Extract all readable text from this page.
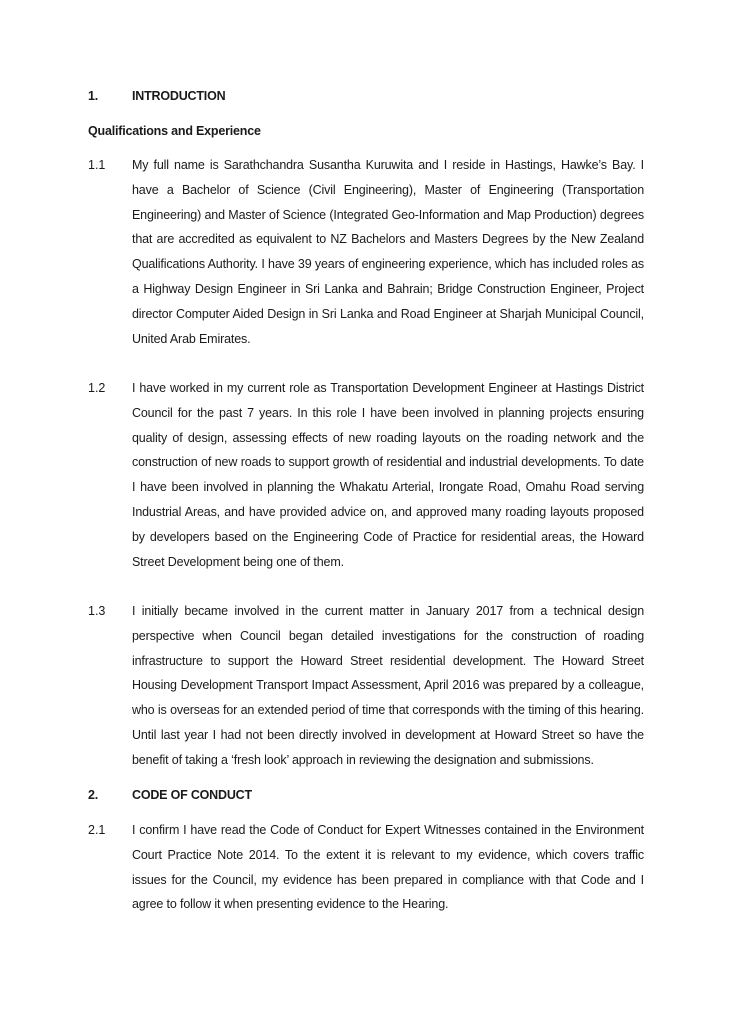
1.	INTRODUCTION
Qualifications and Experience
1.1 My full name is Sarathchandra Susantha Kuruwita and I reside in Hastings, Hawke’s Bay. I have a Bachelor of Science (Civil Engineering), Master of Engineering (Transportation Engineering) and Master of Science (Integrated Geo-Information and Map Production) degrees that are accredited as equivalent to NZ Bachelors and Masters Degrees by the New Zealand Qualifications Authority. I have 39 years of engineering experience, which has included roles as a Highway Design Engineer in Sri Lanka and Bahrain; Bridge Construction Engineer, Project director Computer Aided Design in Sri Lanka and Road Engineer at Sharjah Municipal Council, United Arab Emirates.
1.2 I have worked in my current role as Transportation Development Engineer at Hastings District Council for the past 7 years. In this role I have been involved in planning projects ensuring quality of design, assessing effects of new roading layouts on the roading network and the construction of new roads to support growth of residential and industrial developments. To date I have been involved in planning the Whakatu Arterial, Irongate Road, Omahu Road serving Industrial Areas, and have provided advice on, and approved many roading layouts proposed by developers based on the Engineering Code of Practice for residential areas, the Howard Street Development being one of them.
1.3 I initially became involved in the current matter in January 2017 from a technical design perspective when Council began detailed investigations for the construction of roading infrastructure to support the Howard Street residential development. The Howard Street Housing Development Transport Impact Assessment, April 2016 was prepared by a colleague, who is overseas for an extended period of time that corresponds with the timing of this hearing. Until last year I had not been directly involved in development at Howard Street so have the benefit of taking a ‘fresh look’ approach in reviewing the designation and submissions.
2.	CODE OF CONDUCT
2.1 I confirm I have read the Code of Conduct for Expert Witnesses contained in the Environment Court Practice Note 2014. To the extent it is relevant to my evidence, which covers traffic issues for the Council, my evidence has been prepared in compliance with that Code and I agree to follow it when presenting evidence to the Hearing.
